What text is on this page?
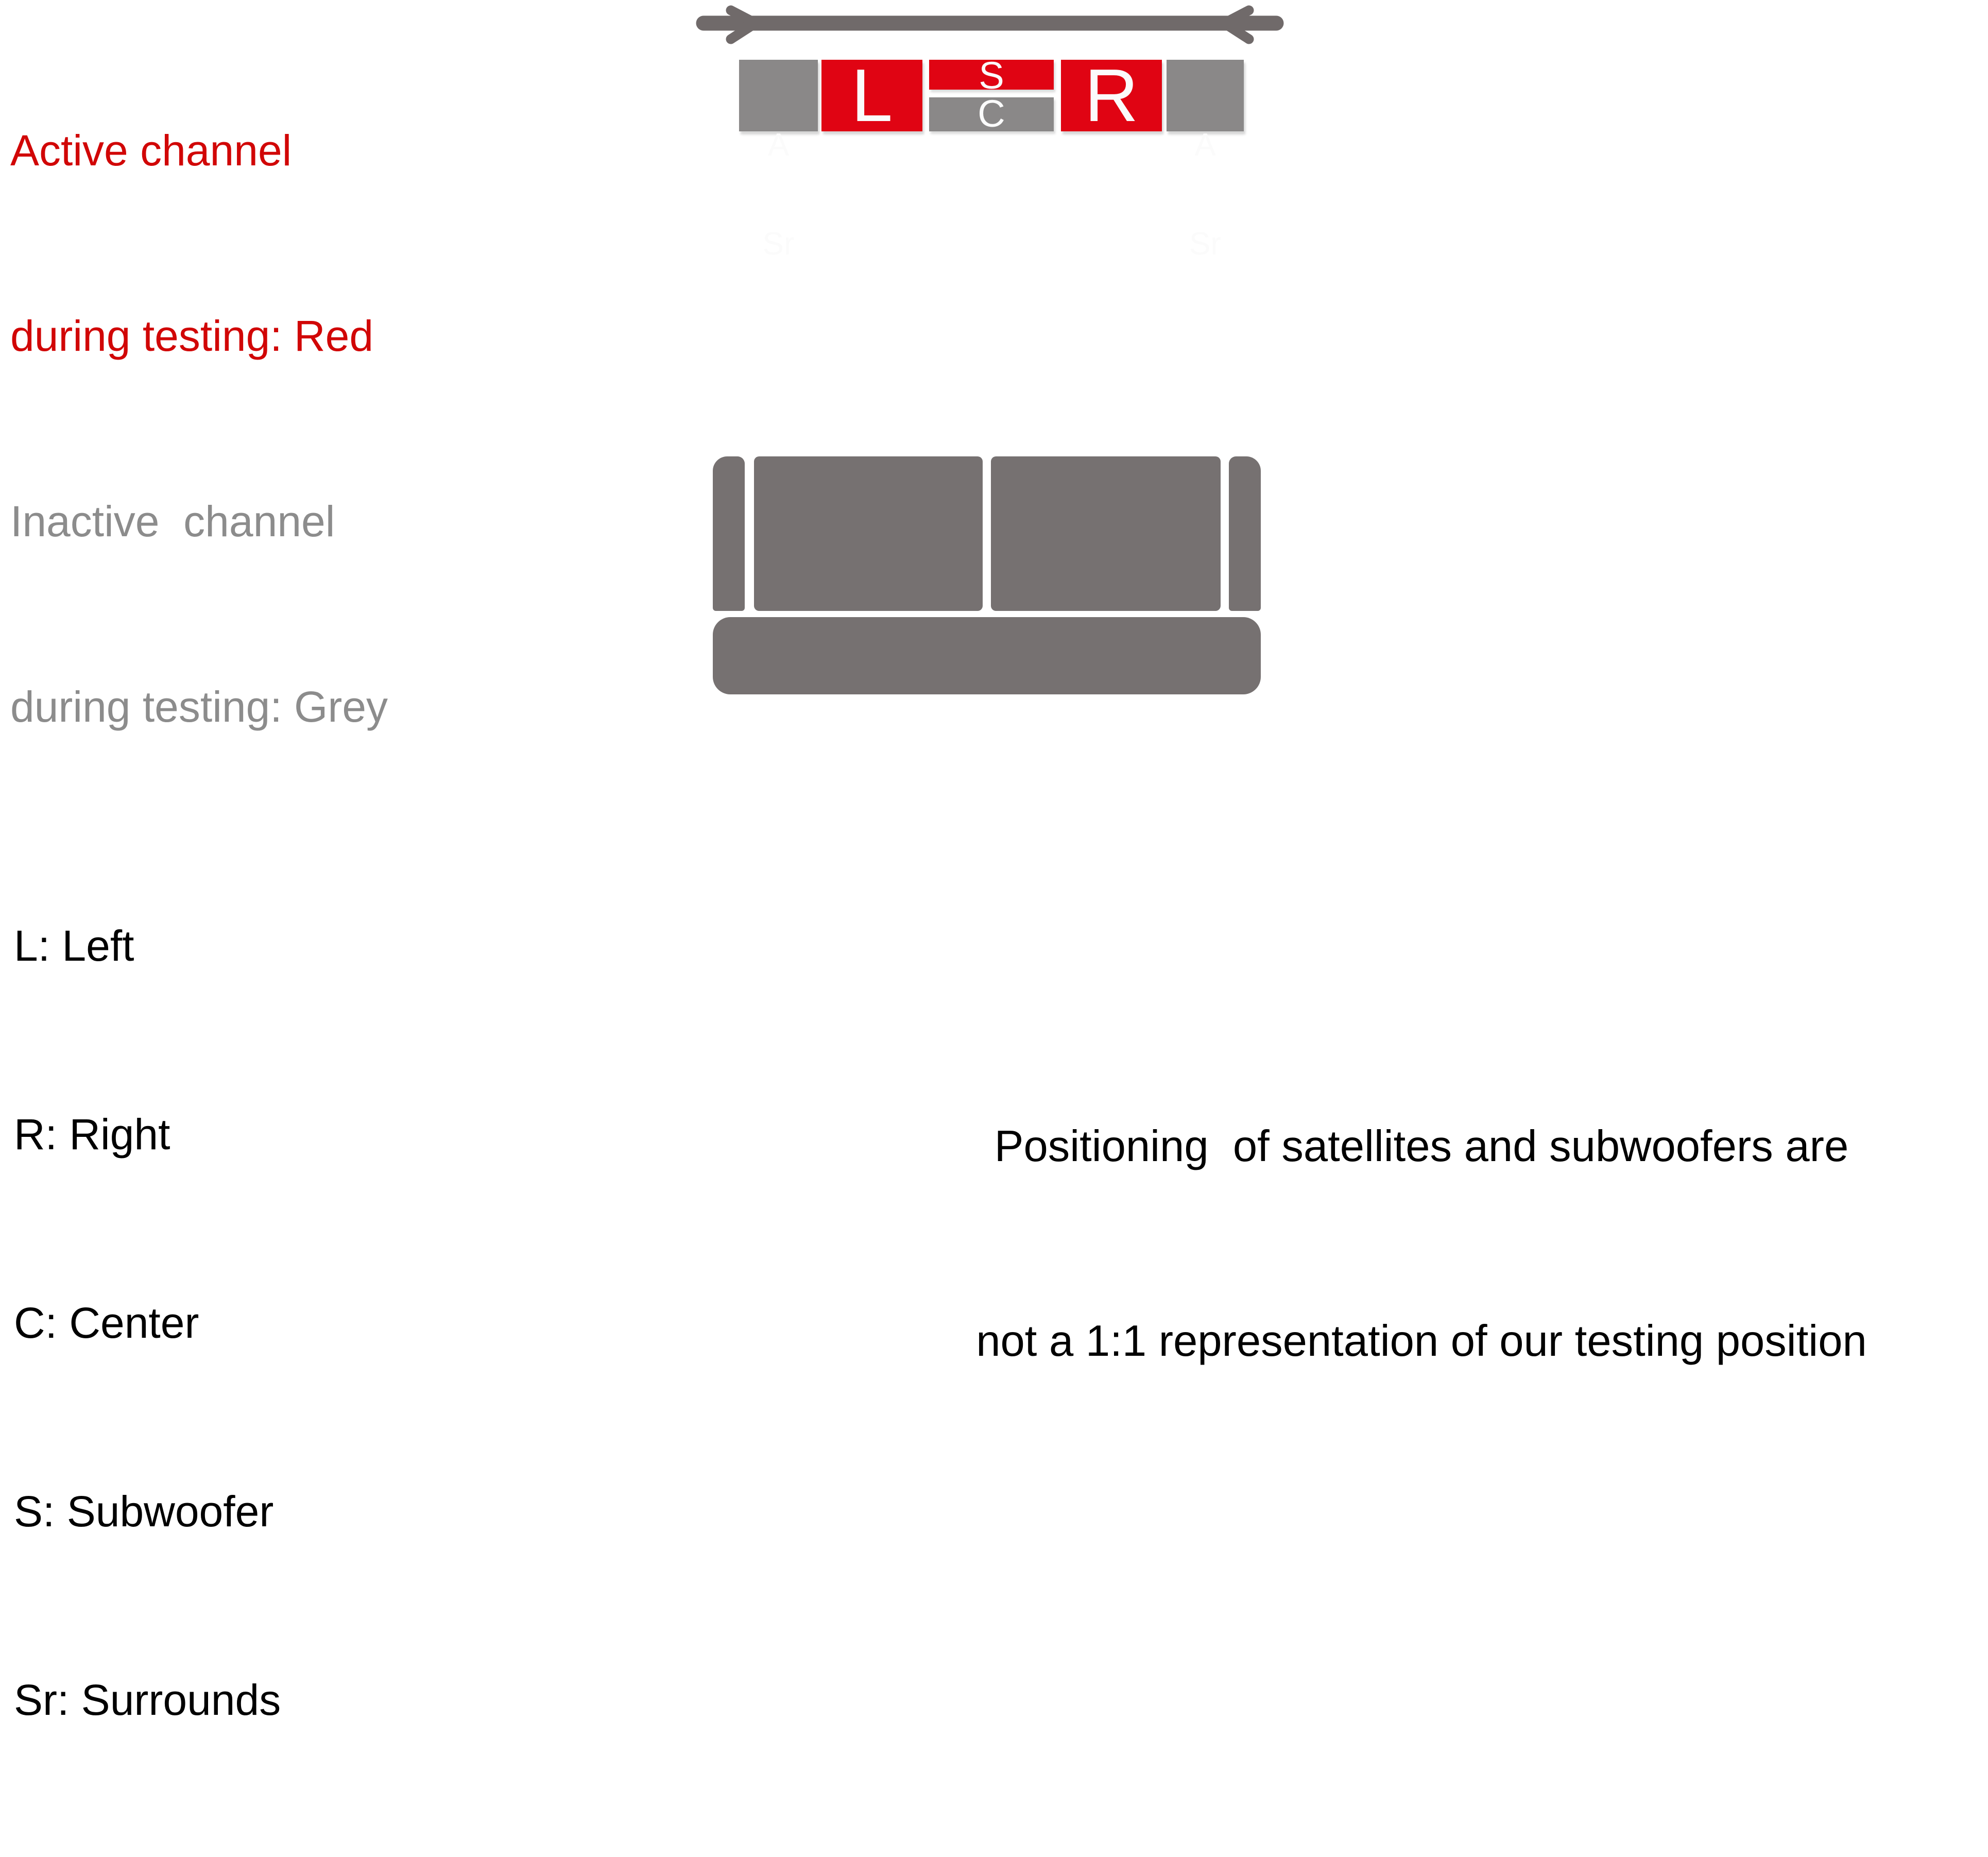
Active channel

during testing: Red

Inactive  channel

during testing: Grey

A

Sr

L	S
C	R

A

Sr

L: Left

R: Right

C: Center

S: Subwoofer

Sr: Surrounds

Positioning  of satellites and subwoofers are

not a 1:1 representation of our testing position
